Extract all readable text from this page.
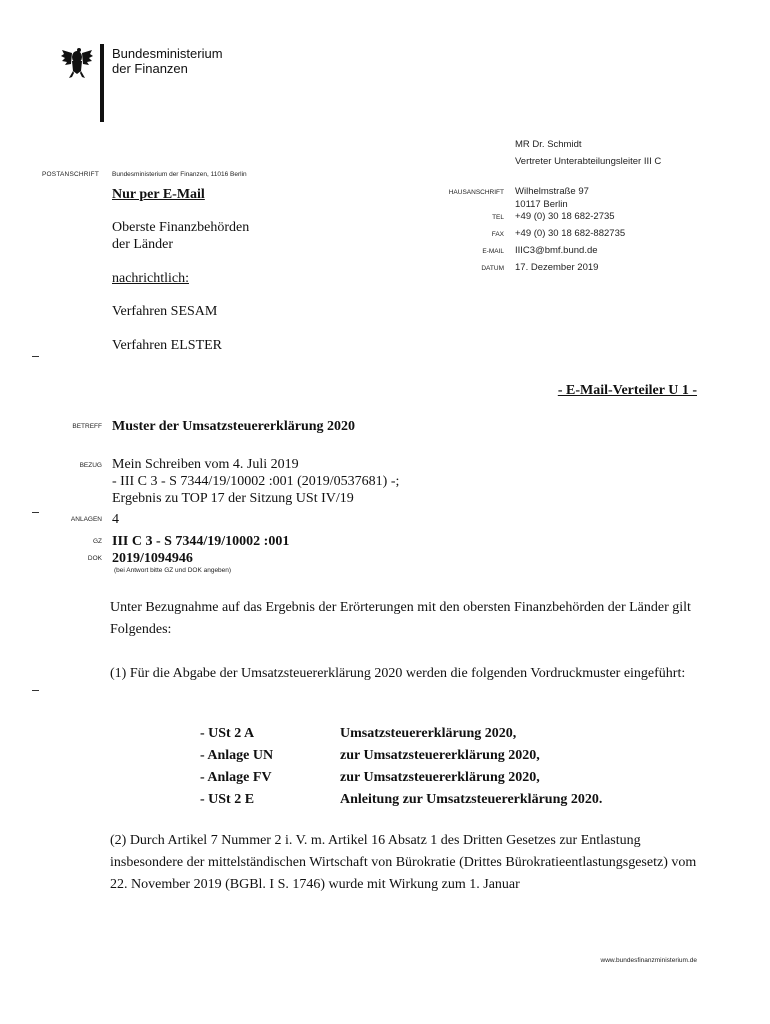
Bundesministerium
der Finanzen
MR Dr. Schmidt
Vertreter Unterabteilungsleiter III C
POSTANSCHRIFT Bundesministerium der Finanzen, 11016 Berlin
HAUSANSCHRIFT Wilhelmstraße 97
10117 Berlin
TEL +49 (0) 30 18 682-2735
FAX +49 (0) 30 18 682-882735
E-MAIL IIIC3@bmf.bund.de
DATUM 17. Dezember 2019
Nur per E-Mail
Oberste Finanzbehörden
der Länder
nachrichtlich:
Verfahren SESAM
Verfahren ELSTER
- E-Mail-Verteiler U 1 -
BETREFF Muster der Umsatzsteuererklärung 2020
BEZUG Mein Schreiben vom 4. Juli 2019
- III C 3 - S 7344/19/10002 :001 (2019/0537681) -;
Ergebnis zu TOP 17 der Sitzung USt IV/19
ANLAGEN 4
GZ III C 3 - S 7344/19/10002 :001
DOK 2019/1094946
(bei Antwort bitte GZ und DOK angeben)
Unter Bezugnahme auf das Ergebnis der Erörterungen mit den obersten Finanzbehörden der Länder gilt Folgendes:
(1) Für die Abgabe der Umsatzsteuererklärung 2020 werden die folgenden Vordruckmuster eingeführt:
- USt 2 A	Umsatzsteuererklärung 2020,
- Anlage UN	zur Umsatzsteuererklärung 2020,
- Anlage FV	zur Umsatzsteuererklärung 2020,
- USt 2 E	Anleitung zur Umsatzsteuererklärung 2020.
(2) Durch Artikel 7 Nummer 2 i. V. m. Artikel 16 Absatz 1 des Dritten Gesetzes zur Entlastung insbesondere der mittelständischen Wirtschaft von Bürokratie (Drittes Bürokratieentlastungsgesetz) vom 22. November 2019 (BGBl. I S. 1746) wurde mit Wirkung zum 1. Januar
www.bundesfinanzministerium.de
